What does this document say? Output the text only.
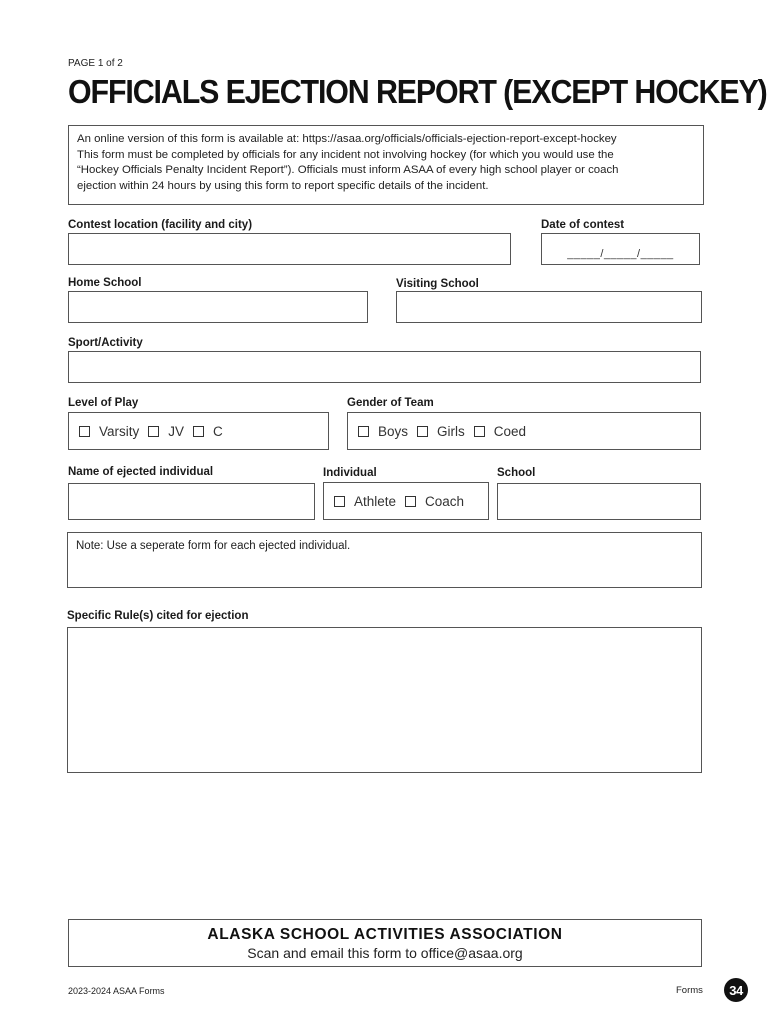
PAGE 1 of 2
OFFICIALS EJECTION REPORT (EXCEPT HOCKEY)

An online version of this form is available at: https://asaa.org/officials/officials-ejection-report-except-hockey

This form must be completed by officials for any incident not involving hockey (for which you would use the

“Hockey Officials Penalty Incident Report”). Officials must inform ASAA of every high school player or coach

ejection within 24 hours by using this form to report specific details of the incident.

Contest location (facility and city)	Date of contest
_____/_____/_____
Home School	Visiting School
Sport/Activity
Level of Play
Varsity JV C
Gender of Team
Boys Girls Coed
Name of ejected individual	Individual
Athlete Coach
School
Note: Use a seperate form for each ejected individual.
Specific Rule(s) cited for ejection
ALASKA SCHOOL ACTIVITIES ASSOCIATION
Scan and email this form to office@asaa.org
2023-2024 ASAA Forms	Forms	34
